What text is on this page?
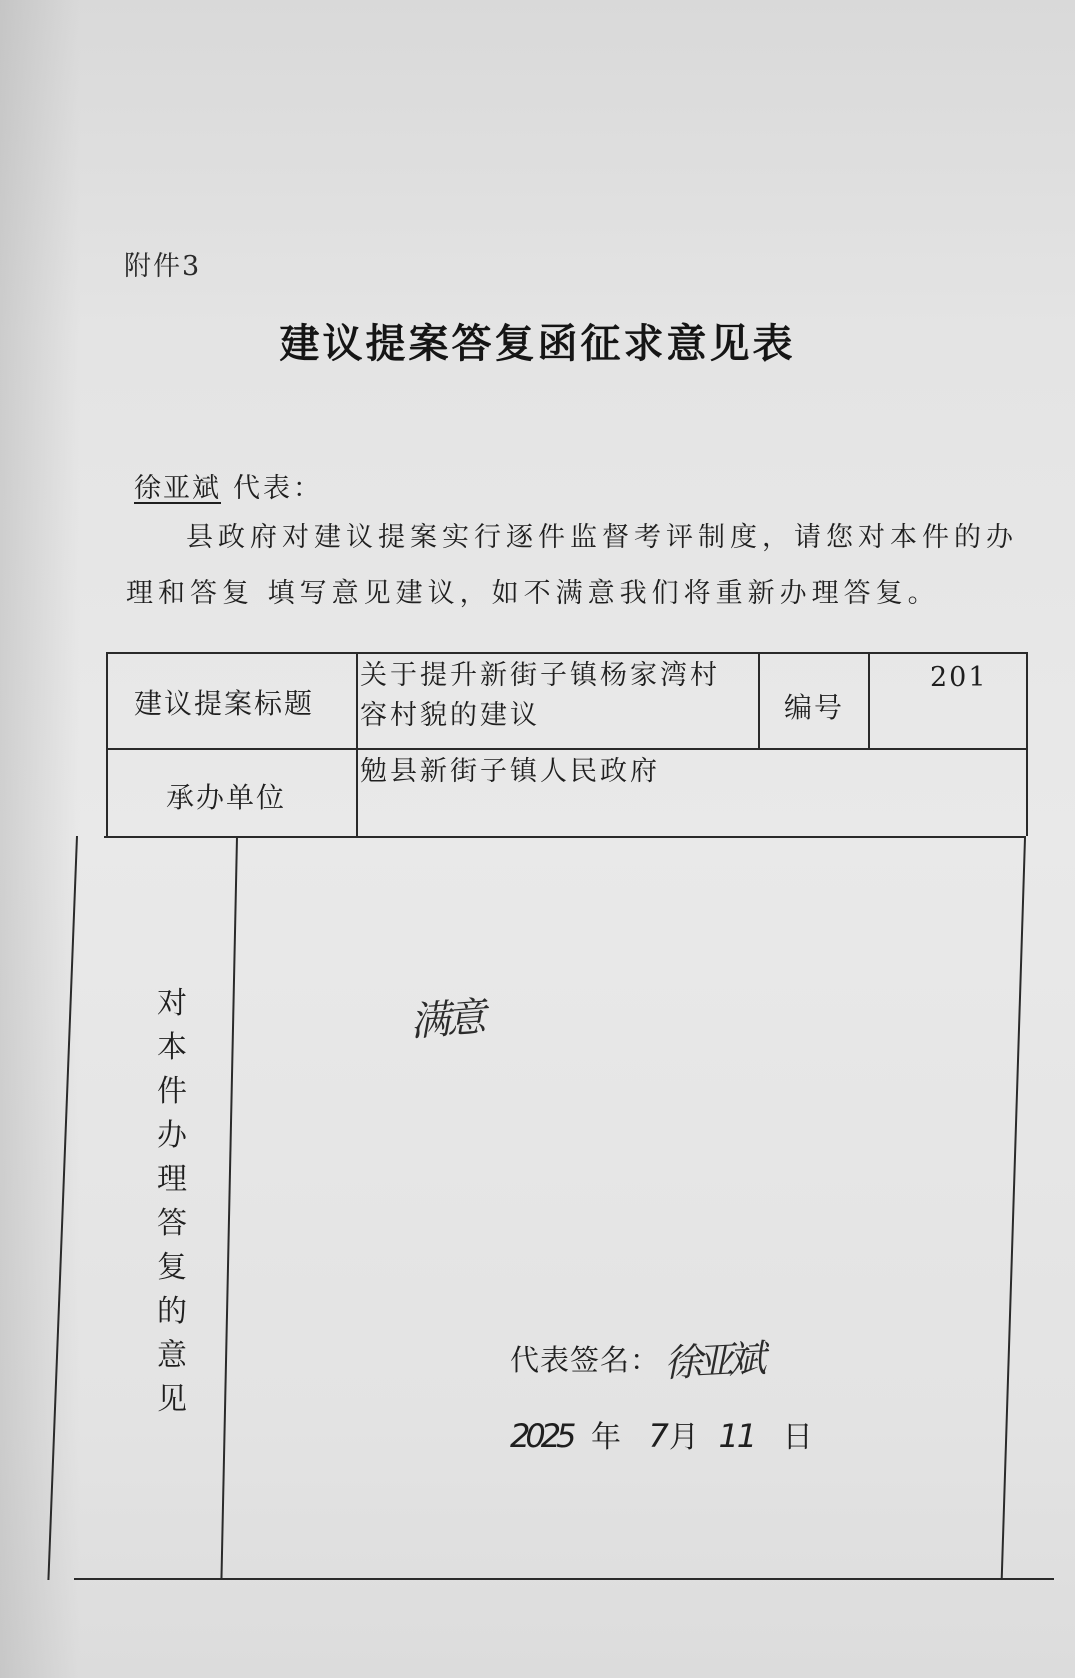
附件3
建议提案答复函征求意见表
徐亚斌 代表：
县政府对建议提案实行逐件监督考评制度，请您对本件的办理和答复 填写意见建议，如不满意我们将重新办理答复。
建议提案标题
关于提升新街子镇杨家湾村
容村貌的建议	编号
201
承办单位
勉县新街子镇人民政府
对本件办理答复的意见
满意
代表签名： 徐亚斌
2025 年 7月 11 日
